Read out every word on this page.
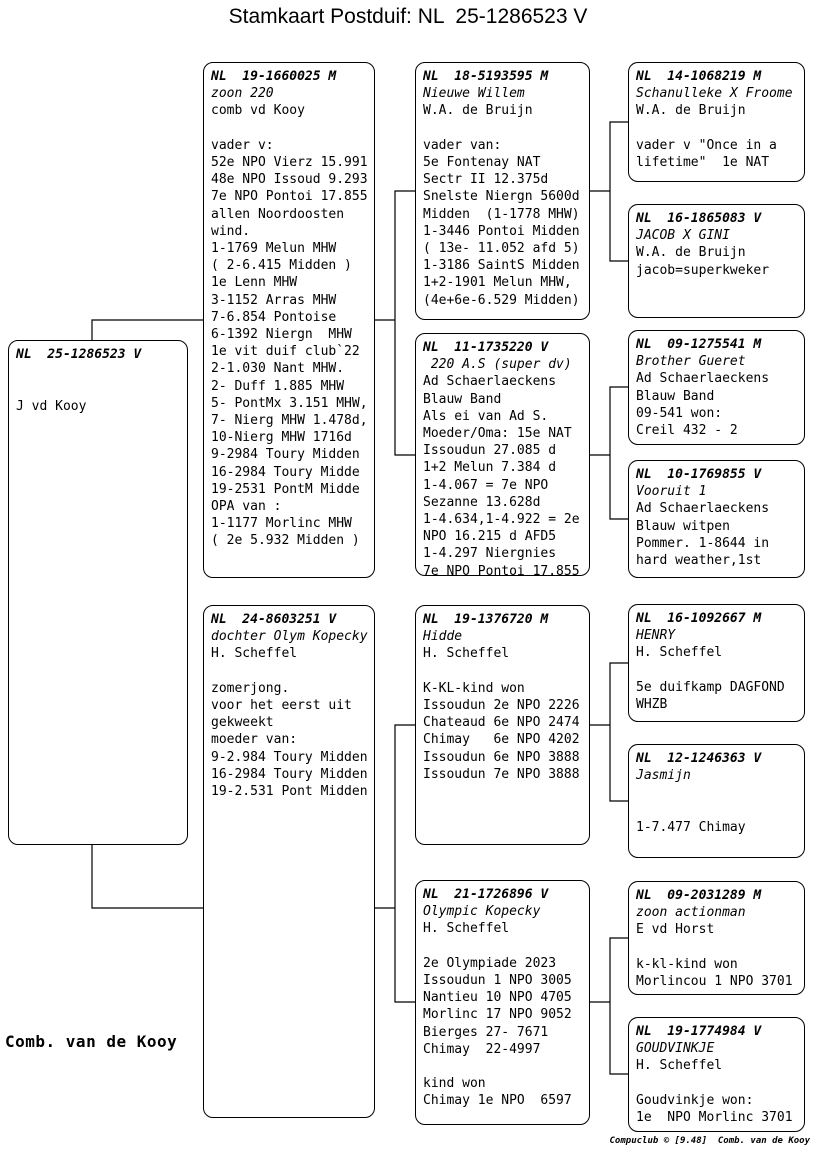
Stamkaart Postduif: NL  25-1286523 V
NL  25-1286523 V
J vd Kooy
NL  19-1660025 M
zoon 220
comb vd Kooy
vader v:
52e NPO Vierz 15.991
48e NPO Issoud 9.293
7e NPO Pontoi 17.855
allen Noordoosten
wind.
1-1769 Melun MHW
( 2-6.415 Midden )
1e Lenn MHW
3-1152 Arras MHW
7-6.854 Pontoise
6-1392 Niergn  MHW
1e vit duif club`22
2-1.030 Nant MHW.
2- Duff 1.885 MHW
5- PontMx 3.151 MHW,
7- Nierg MHW 1.478d,
10-Nierg MHW 1716d
9-2984 Toury Midden
16-2984 Toury Midde
19-2531 PontM Midde
OPA van :
1-1177 Morlinc MHW
( 2e 5.932 Midden )
NL  24-8603251 V
dochter Olym Kopecky
H. Scheffel
zomerjong.
voor het eerst uit
gekweekt
moeder van:
9-2.984 Toury Midden
16-2984 Toury Midden
19-2.531 Pont Midden
NL  18-5193595 M
Nieuwe Willem
W.A. de Bruijn
vader van:
5e Fontenay NAT
Sectr II 12.375d
Snelste Niergn 5600d
Midden  (1-1778 MHW)
1-3446 Pontoi Midden
( 13e- 11.052 afd 5)
1-3186 SaintS Midden
1+2-1901 Melun MHW,
(4e+6e-6.529 Midden)
NL  11-1735220 V
220 A.S (super dv)
Ad Schaerlaeckens
Blauw Band
Als ei van Ad S.
Moeder/Oma: 15e NAT
Issoudun 27.085 d
1+2 Melun 7.384 d
1-4.067 = 7e NPO
Sezanne 13.628d
1-4.634,1-4.922 = 2e
NPO 16.215 d AFD5
1-4.297 Niergnies
7e NPO Pontoi 17.855
NL  19-1376720 M
Hidde
H. Scheffel
K-KL-kind won
Issoudun 2e NPO 2226
Chateaud 6e NPO 2474
Chimay   6e NPO 4202
Issoudun 6e NPO 3888
Issoudun 7e NPO 3888
NL  21-1726896 V
Olympic Kopecky
H. Scheffel
2e Olympiade 2023
Issoudun 1 NPO 3005
Nantieu 10 NPO 4705
Morlinc 17 NPO 9052
Bierges 27- 7671
Chimay  22-4997
kind won
Chimay 1e NPO  6597
NL  14-1068219 M
Schanulleke X Froome
W.A. de Bruijn
vader v "Once in a
lifetime"  1e NAT
NL  16-1865083 V
JACOB X GINI
W.A. de Bruijn
jacob=superkweker
NL  09-1275541 M
Brother Gueret
Ad Schaerlaeckens
Blauw Band
09-541 won:
Creil 432 - 2
NL  10-1769855 V
Vooruit 1
Ad Schaerlaeckens
Blauw witpen
Pommer. 1-8644 in
hard weather,1st
NL  16-1092667 M
HENRY
H. Scheffel
5e duifkamp DAGFOND
WHZB
NL  12-1246363 V
Jasmijn
1-7.477 Chimay
NL  09-2031289 M
zoon actionman
E vd Horst
k-kl-kind won
Morlincou 1 NPO 3701
NL  19-1774984 V
GOUDVINKJE
H. Scheffel
Goudvinkje won:
1e  NPO Morlinc 3701
Comb. van de Kooy
Compuclub © [9.48]  Comb. van de Kooy
